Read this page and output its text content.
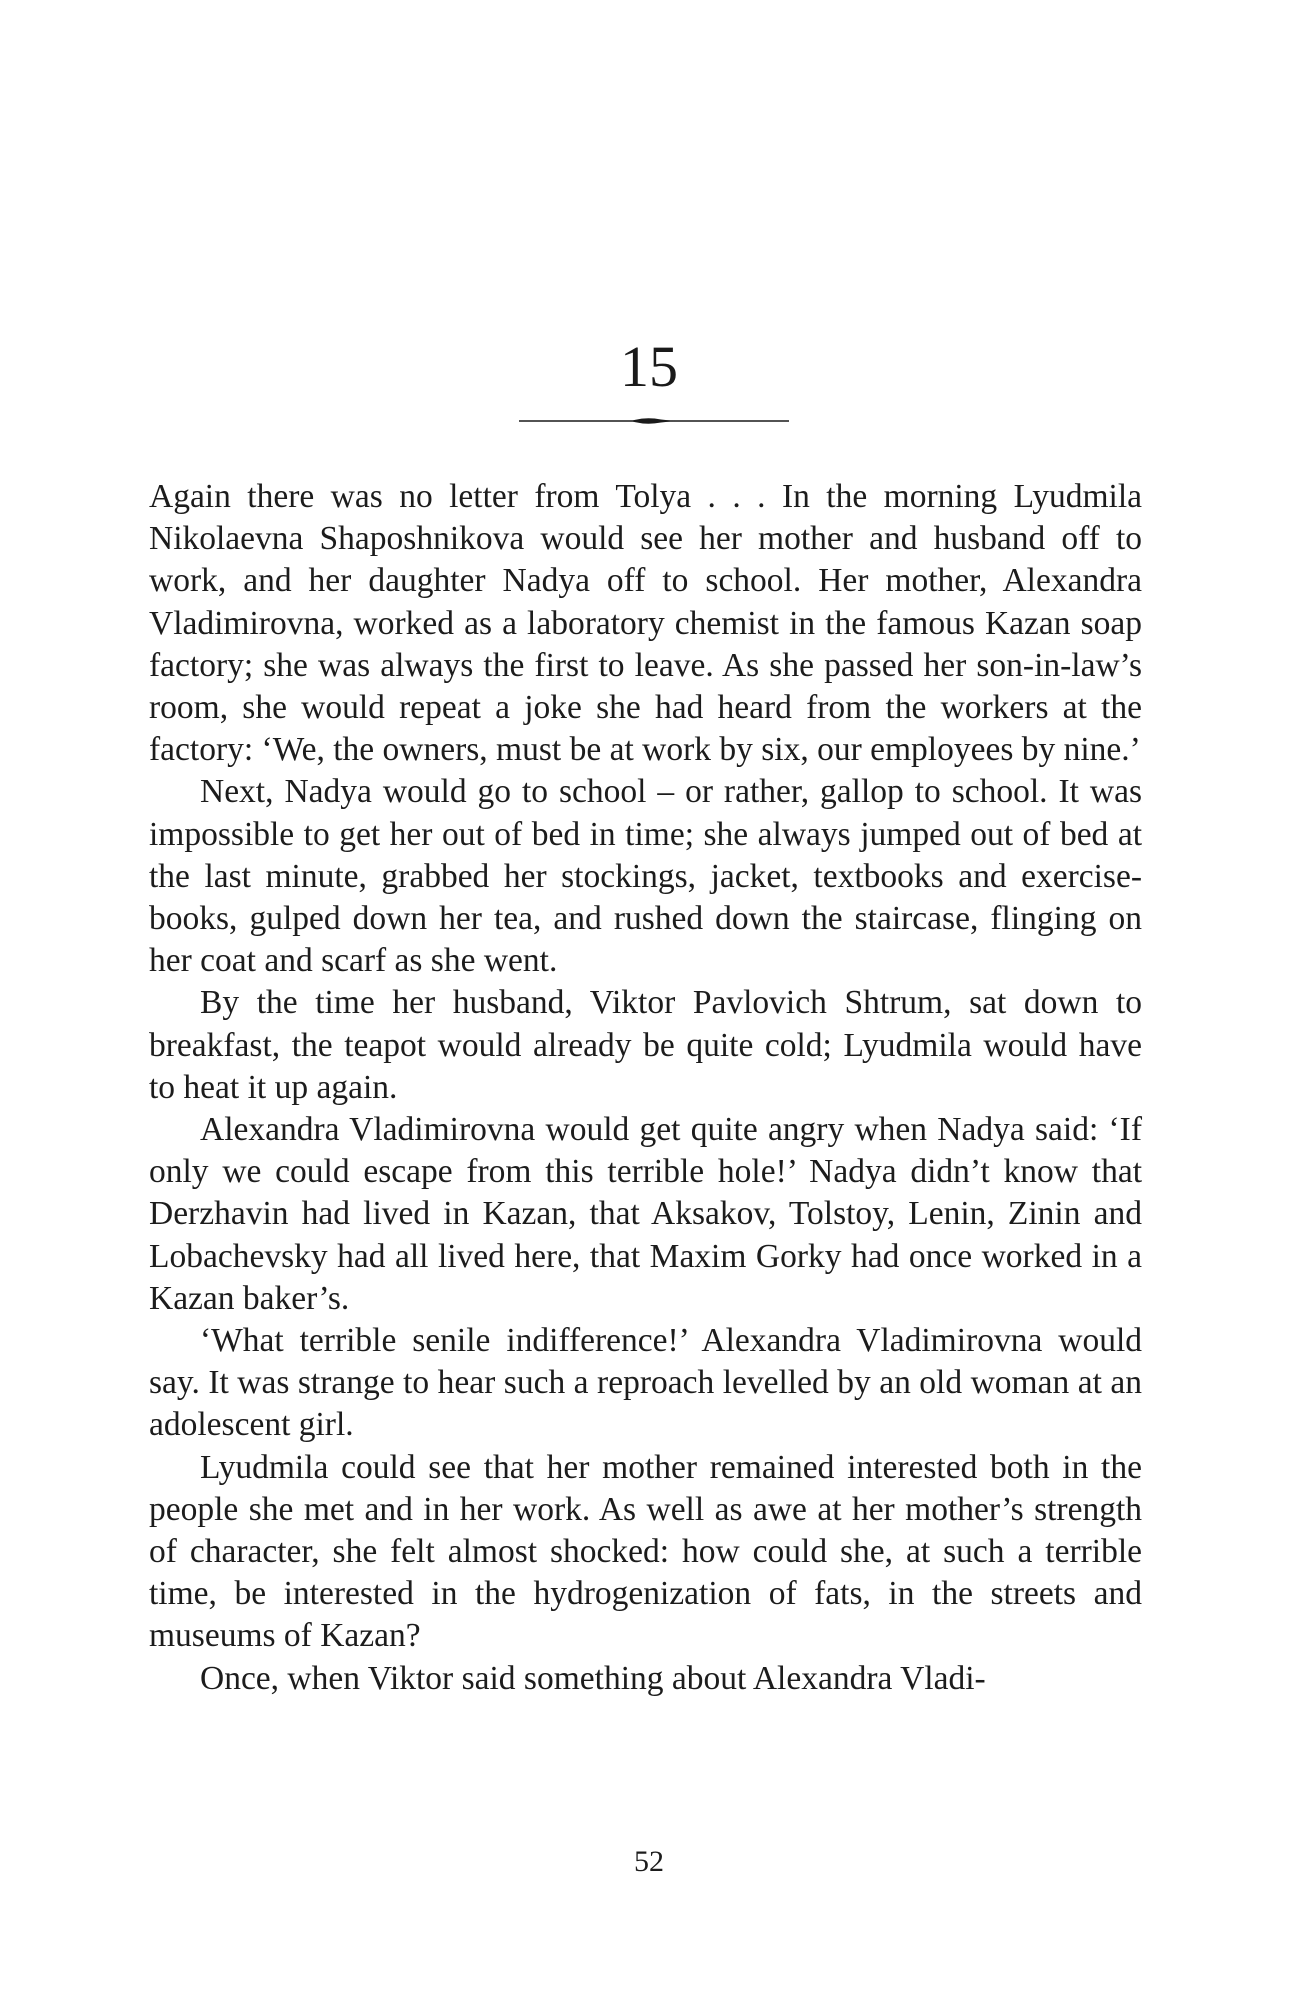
15

Again there was no letter from Tolya . . . In the morning Lyudmila Nikolaevna Shaposhnikova would see her mother and husband off to work, and her daughter Nadya off to school. Her mother, Alexandra Vladimirovna, worked as a laboratory chemist in the famous Kazan soap factory; she was always the first to leave. As she passed her son-in-law’s room, she would repeat a joke she had heard from the workers at the factory: ‘We, the owners, must be at work by six, our employees by nine.’

Next, Nadya would go to school – or rather, gallop to school. It was impossible to get her out of bed in time; she always jumped out of bed at the last minute, grabbed her stockings, jacket, textbooks and exercise-books, gulped down her tea, and rushed down the staircase, flinging on her coat and scarf as she went.

By the time her husband, Viktor Pavlovich Shtrum, sat down to breakfast, the teapot would already be quite cold; Lyudmila would have to heat it up again.

Alexandra Vladimirovna would get quite angry when Nadya said: ‘If only we could escape from this terrible hole!’ Nadya didn’t know that Derzhavin had lived in Kazan, that Aksakov, Tolstoy, Lenin, Zinin and Lobachevsky had all lived here, that Maxim Gorky had once worked in a Kazan baker’s.

‘What terrible senile indifference!’ Alexandra Vladimirovna would say. It was strange to hear such a reproach levelled by an old woman at an adolescent girl.

Lyudmila could see that her mother remained interested both in the people she met and in her work. As well as awe at her mother’s strength of character, she felt almost shocked: how could she, at such a terrible time, be interested in the hydrogenization of fats, in the streets and museums of Kazan?

Once, when Viktor said something about Alexandra Vladi-

52
